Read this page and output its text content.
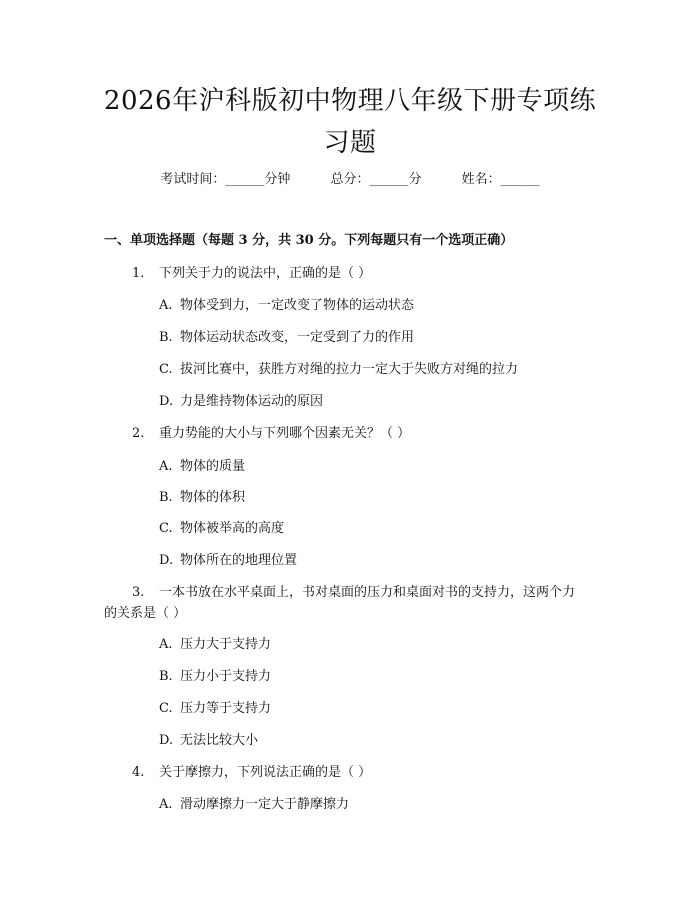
2026年沪科版初中物理八年级下册专项练习题
考试时间：______分钟	总分：______分	姓名：______
一、单项选择题（每题 3 分，共 30 分。下列每题只有一个选项正确）
1. 下列关于力的说法中，正确的是（ ）
A. 物体受到力，一定改变了物体的运动状态
B. 物体运动状态改变，一定受到了力的作用
C. 拔河比赛中，获胜方对绳的拉力一定大于失败方对绳的拉力
D. 力是维持物体运动的原因
2. 重力势能的大小与下列哪个因素无关？（ ）
A. 物体的质量
B. 物体的体积
C. 物体被举高的高度
D. 物体所在的地理位置
3. 一本书放在水平桌面上，书对桌面的压力和桌面对书的支持力，这两个力
的关系是（ ）
A. 压力大于支持力
B. 压力小于支持力
C. 压力等于支持力
D. 无法比较大小
4. 关于摩擦力，下列说法正确的是（ ）
A. 滑动摩擦力一定大于静摩擦力
